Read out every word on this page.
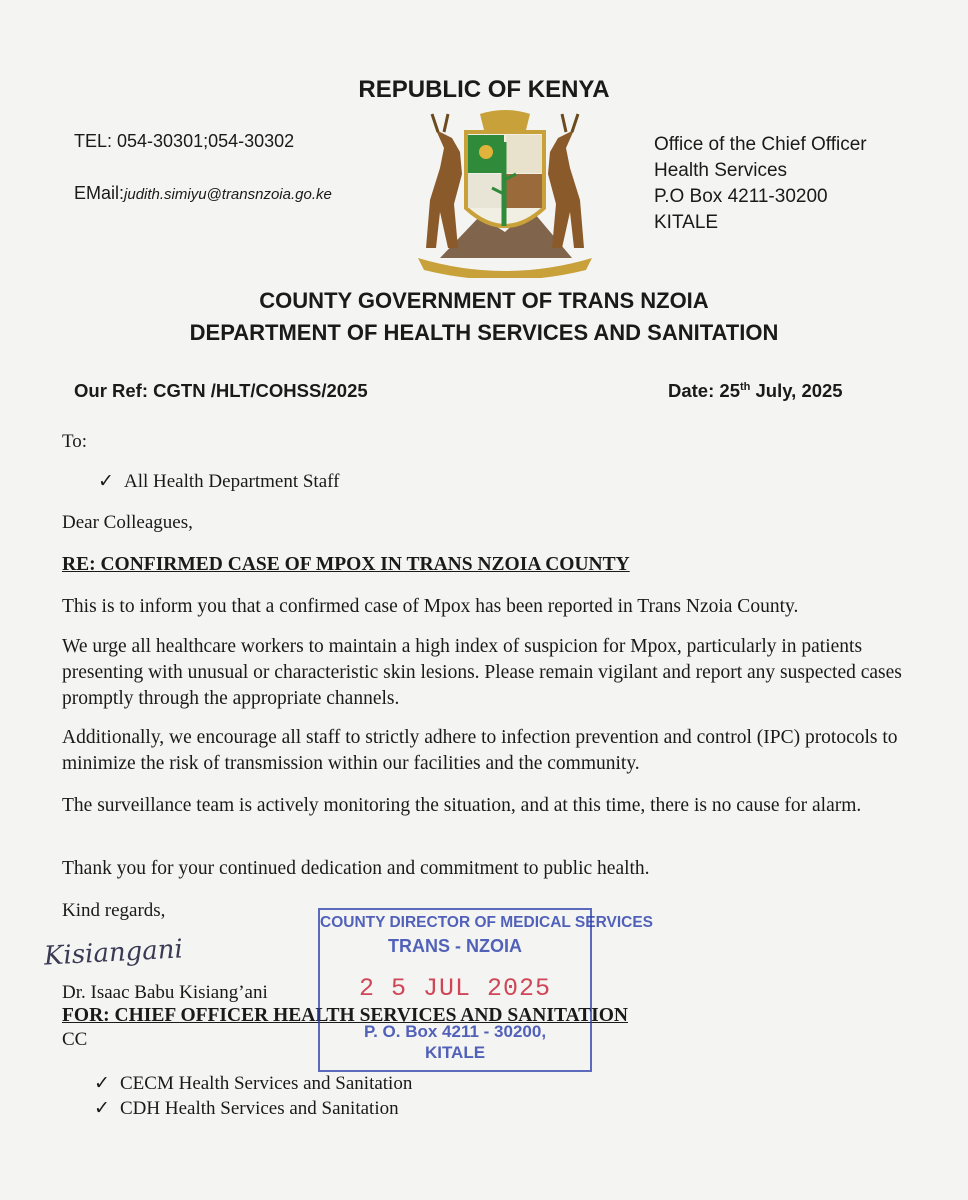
REPUBLIC OF KENYA
TEL: 054-30301;054-30302
EMail:judith.simiyu@transnzoia.go.ke
Office of the Chief Officer
Health Services
P.O Box 4211-30200
KITALE
COUNTY GOVERNMENT OF TRANS NZOIA
DEPARTMENT OF HEALTH SERVICES AND SANITATION
Our Ref: CGTN /HLT/COHSS/2025	Date: 25th July, 2025
To:
✓ All Health Department Staff
Dear Colleagues,
RE: CONFIRMED CASE OF MPOX IN TRANS NZOIA COUNTY
This is to inform you that a confirmed case of Mpox has been reported in Trans Nzoia County.
We urge all healthcare workers to maintain a high index of suspicion for Mpox, particularly in patients presenting with unusual or characteristic skin lesions. Please remain vigilant and report any suspected cases promptly through the appropriate channels.
Additionally, we encourage all staff to strictly adhere to infection prevention and control (IPC) protocols to minimize the risk of transmission within our facilities and the community.
The surveillance team is actively monitoring the situation, and at this time, there is no cause for alarm.
Thank you for your continued dedication and commitment to public health.
Kind regards,
Kisiangani
Dr. Isaac Babu Kisiang’ani
FOR: CHIEF OFFICER HEALTH SERVICES AND SANITATION
CC
✓ CECM Health Services and Sanitation
✓ CDH Health Services and Sanitation
COUNTY DIRECTOR OF MEDICAL SERVICES
TRANS - NZOIA
2 5 JUL 2025
P. O. Box 4211 - 30200,
KITALE
